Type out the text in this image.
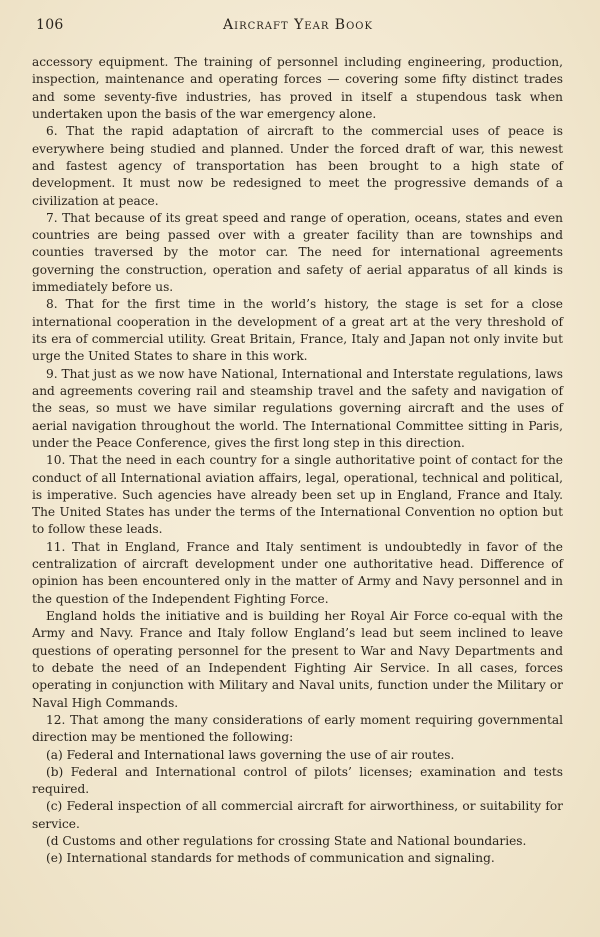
106	Aircraft Year Book

accessory equipment. The training of personnel including engineering, production, inspection, maintenance and operating forces — covering some fifty distinct trades and some seventy-five industries, has proved in itself a stupendous task when undertaken upon the basis of the war emergency alone.

6. That the rapid adaptation of aircraft to the commercial uses of peace is everywhere being studied and planned. Under the forced draft of war, this newest and fastest agency of transportation has been brought to a high state of development. It must now be redesigned to meet the progressive demands of a civilization at peace.

7. That because of its great speed and range of operation, oceans, states and even countries are being passed over with a greater facility than are townships and counties traversed by the motor car. The need for international agreements governing the construction, operation and safety of aerial apparatus of all kinds is immediately before us.

8. That for the first time in the world’s history, the stage is set for a close international cooperation in the development of a great art at the very threshold of its era of commercial utility. Great Britain, France, Italy and Japan not only invite but urge the United States to share in this work.

9. That just as we now have National, International and Interstate regulations, laws and agreements covering rail and steamship travel and the safety and navigation of the seas, so must we have similar regulations governing aircraft and the uses of aerial navigation throughout the world. The International Committee sitting in Paris, under the Peace Conference, gives the first long step in this direction.

10. That the need in each country for a single authoritative point of contact for the conduct of all International aviation affairs, legal, operational, technical and political, is imperative. Such agencies have already been set up in England, France and Italy. The United States has under the terms of the International Convention no option but to follow these leads.

11. That in England, France and Italy sentiment is undoubtedly in favor of the centralization of aircraft development under one authoritative head. Difference of opinion has been encountered only in the matter of Army and Navy personnel and in the question of the Independent Fighting Force.

England holds the initiative and is building her Royal Air Force co-equal with the Army and Navy. France and Italy follow England’s lead but seem inclined to leave questions of operating personnel for the present to War and Navy Departments and to debate the need of an Independent Fighting Air Service. In all cases, forces operating in conjunction with Military and Naval units, function under the Military or Naval High Commands.

12. That among the many considerations of early moment requiring governmental direction may be mentioned the following:

(a) Federal and International laws governing the use of air routes.

(b) Federal and International control of pilots’ licenses; examination and tests required.

(c) Federal inspection of all commercial aircraft for airworthiness, or suitability for service.

(d Customs and other regulations for crossing State and National boundaries.

(e) International standards for methods of communication and signaling.
